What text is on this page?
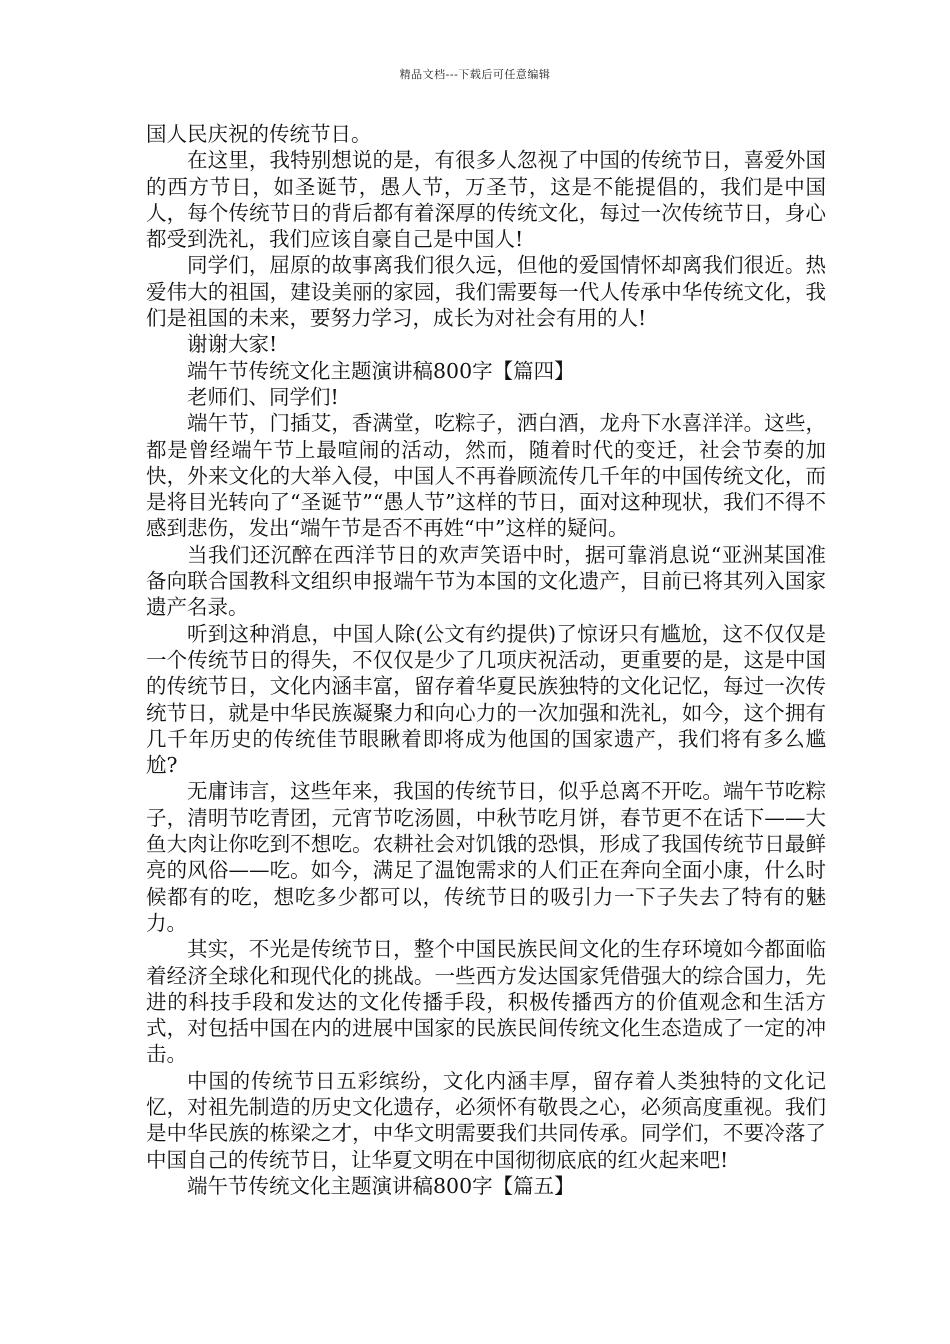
精品文档---下载后可任意编辑

国人民庆祝的传统节日。

在这里，我特别想说的是，有很多人忽视了中国的传统节日，喜爱外国的西方节日，如圣诞节，愚人节，万圣节，这是不能提倡的，我们是中国人，每个传统节日的背后都有着深厚的传统文化，每过一次传统节日，身心都受到洗礼，我们应该自豪自己是中国人!

同学们，屈原的故事离我们很久远，但他的爱国情怀却离我们很近。热爱伟大的祖国，建设美丽的家园，我们需要每一代人传承中华传统文化，我们是祖国的未来，要努力学习，成长为对社会有用的人!

谢谢大家!

端午节传统文化主题演讲稿800字【篇四】

老师们、同学们!

端午节，门插艾，香满堂，吃粽子，洒白酒，龙舟下水喜洋洋。这些，都是曾经端午节上最喧闹的活动，然而，随着时代的变迁，社会节奏的加快，外来文化的大举入侵，中国人不再眷顾流传几千年的中国传统文化，而是将目光转向了“圣诞节”“愚人节”这样的节日，面对这种现状，我们不得不感到悲伤，发出“端午节是否不再姓“中”这样的疑问。

当我们还沉醉在西洋节日的欢声笑语中时，据可靠消息说“亚洲某国准备向联合国教科文组织申报端午节为本国的文化遗产，目前已将其列入国家遗产名录。

听到这种消息，中国人除(公文有约提供)了惊讶只有尴尬，这不仅仅是一个传统节日的得失，不仅仅是少了几项庆祝活动，更重要的是，这是中国的传统节日，文化内涵丰富，留存着华夏民族独特的文化记忆，每过一次传统节日，就是中华民族凝聚力和向心力的一次加强和洗礼，如今，这个拥有几千年历史的传统佳节眼瞅着即将成为他国的国家遗产，我们将有多么尴尬?

无庸讳言，这些年来，我国的传统节日，似乎总离不开吃。端午节吃粽子，清明节吃青团，元宵节吃汤圆，中秋节吃月饼，春节更不在话下——大鱼大肉让你吃到不想吃。农耕社会对饥饿的恐惧，形成了我国传统节日最鲜亮的风俗——吃。如今，满足了温饱需求的人们正在奔向全面小康，什么时候都有的吃，想吃多少都可以，传统节日的吸引力一下子失去了特有的魅力。

其实，不光是传统节日，整个中国民族民间文化的生存环境如今都面临着经济全球化和现代化的挑战。一些西方发达国家凭借强大的综合国力，先进的科技手段和发达的文化传播手段，积极传播西方的价值观念和生活方式，对包括中国在内的进展中国家的民族民间传统文化生态造成了一定的冲击。

中国的传统节日五彩缤纷，文化内涵丰厚，留存着人类独特的文化记忆，对祖先制造的历史文化遗存，必须怀有敬畏之心，必须高度重视。我们是中华民族的栋梁之才，中华文明需要我们共同传承。同学们，不要冷落了中国自己的传统节日，让华夏文明在中国彻彻底底的红火起来吧!

端午节传统文化主题演讲稿800字【篇五】
